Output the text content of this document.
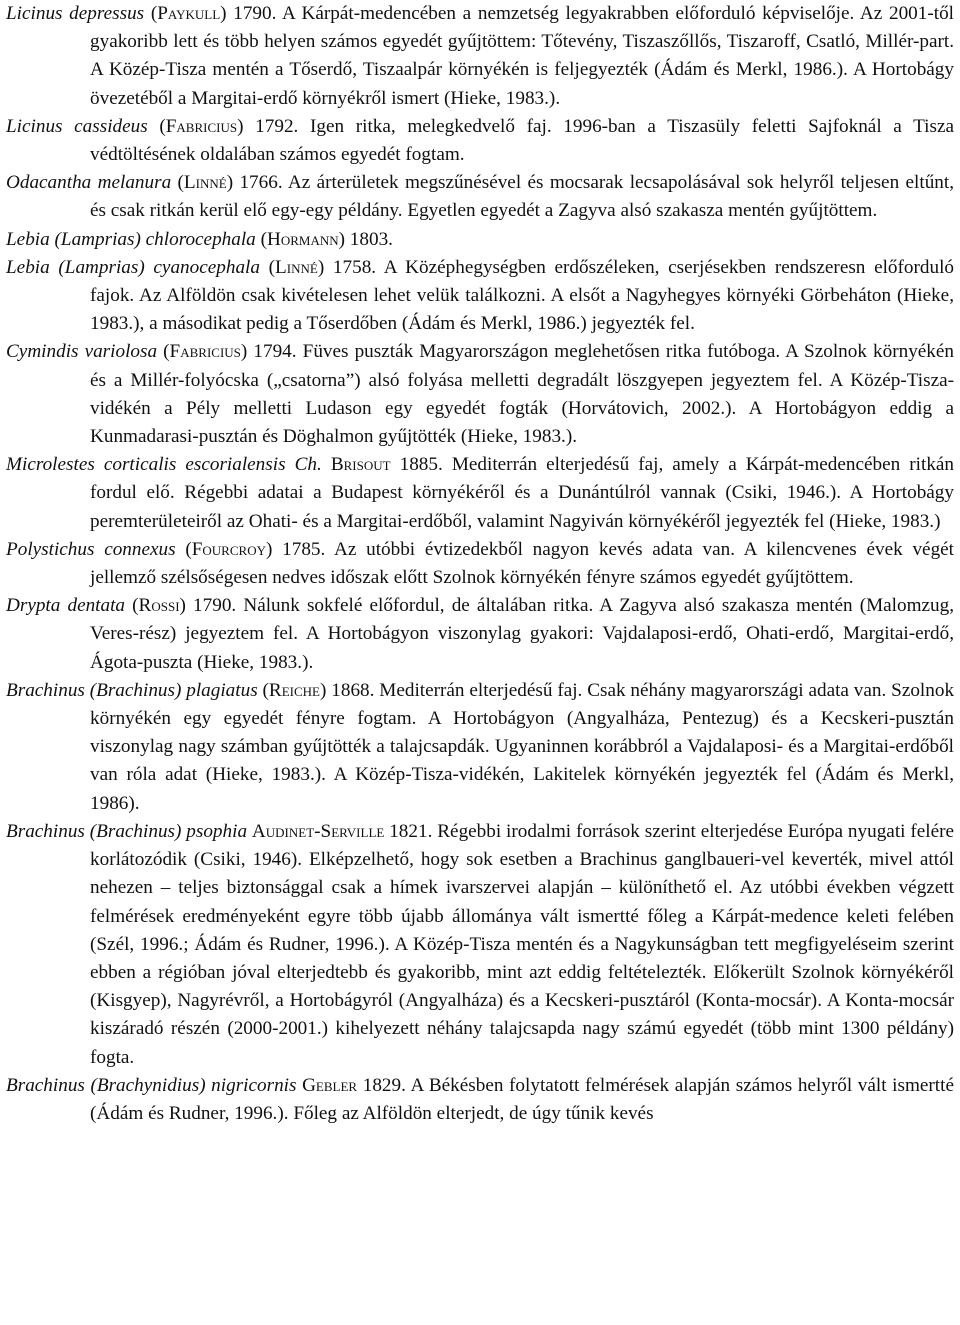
Licinus depressus (Paykull) 1790. A Kárpát-medencében a nemzetség legyakrabben előforduló képviselője. Az 2001-től gyakoribb lett és több helyen számos egyedét gyűjtöttem: Tőtevény, Tiszaszőllős, Tiszaroff, Csatló, Millér-part. A Közép-Tisza mentén a Tőserdő, Tiszaalpár környékén is feljegyezték (Ádám és Merkl, 1986.). A Hortobágy övezetéből a Margitai-erdő környékről ismert (Hieke, 1983.).

Licinus cassideus (Fabricius) 1792. Igen ritka, melegkedvelő faj. 1996-ban a Tiszasüly feletti Sajfoknál a Tisza védtöltésének oldalában számos egyedét fogtam.

Odacantha melanura (Linné) 1766. Az árterületek megszűnésével és mocsarak lecsapolásával sok helyről teljesen eltűnt, és csak ritkán kerül elő egy-egy példány. Egyetlen egyedét a Zagyva alsó szakasza mentén gyűjtöttem.

Lebia (Lamprias) chlorocephala (Hormann) 1803.

Lebia (Lamprias) cyanocephala (Linné) 1758. A Középhegységben erdőszéleken, cserjésekben rendszeresn előforduló fajok. Az Alföldön csak kivételesen lehet velük találkozni. A elsőt a Nagyhegyes környéki Görbeháton (Hieke, 1983.), a másodikat pedig a Tőserdőben (Ádám és Merkl, 1986.) jegyezték fel.

Cymindis variolosa (Fabricius) 1794. Füves puszták Magyarországon meglehetősen ritka futóboga. A Szolnok környékén és a Millér-folyócska („csatorna”) alsó folyása melletti degradált löszgyepen jegyeztem fel. A Közép-Tisza-vidékén a Pély melletti Ludason egy egyedét fogták (Horvátovich, 2002.). A Hortobágyon eddig a Kunmadarasi-pusztán és Döghalmon gyűjtötték (Hieke, 1983.).

Microlestes corticalis escorialensis Ch. Brisout 1885. Mediterrán elterjedésű faj, amely a Kárpát-medencében ritkán fordul elő. Régebbi adatai a Budapest környékéről és a Dunántúlról vannak (Csiki, 1946.). A Hortobágy peremterületeiről az Ohati- és a Margitai-erdőből, valamint Nagyiván környékéről jegyezték fel (Hieke, 1983.)

Polystichus connexus (Fourcroy) 1785. Az utóbbi évtizedekből nagyon kevés adata van. A kilencvenes évek végét jellemző szélsőségesen nedves időszak előtt Szolnok környékén fényre számos egyedét gyűjtöttem.

Drypta dentata (Rossi) 1790. Nálunk sokfelé előfordul, de általában ritka. A Zagyva alsó szakasza mentén (Malomzug, Veres-rész) jegyeztem fel. A Hortobágyon viszonylag gyakori: Vajdalaposi-erdő, Ohati-erdő, Margitai-erdő, Ágota-puszta (Hieke, 1983.).

Brachinus (Brachinus) plagiatus (Reiche) 1868. Mediterrán elterjedésű faj. Csak néhány magyarországi adata van. Szolnok környékén egy egyedét fényre fogtam. A Hortobágyon (Angyalháza, Pentezug) és a Kecskeri-pusztán viszonylag nagy számban gyűjtötték a talajcsapdák. Ugyaninnen korábbról a Vajdalaposi- és a Margitai-erdőből van róla adat (Hieke, 1983.). A Közép-Tisza-vidékén, Lakitelek környékén jegyezték fel (Ádám és Merkl, 1986).

Brachinus (Brachinus) psophia Audinet-Serville 1821. Régebbi irodalmi források szerint elterjedése Európa nyugati felére korlátozódik (Csiki, 1946). Elképzelhető, hogy sok esetben a Brachinus ganglbaueri-vel keverték, mivel attól nehezen – teljes biztonsággal csak a hímek ivarszervei alapján – különíthető el. Az utóbbi években végzett felmérések eredményeként egyre több újabb állománya vált ismertté főleg a Kárpát-medence keleti felében (Szél, 1996.; Ádám és Rudner, 1996.). A Közép-Tisza mentén és a Nagykunságban tett megfigyeléseim szerint ebben a régióban jóval elterjedtebb és gyakoribb, mint azt eddig feltételezték. Előkerült Szolnok környékéről (Kisgyep), Nagyrévről, a Hortobágyról (Angyalháza) és a Kecskeri-pusztáról (Konta-mocsár). A Konta-mocsár kiszáradó részén (2000-2001.) kihelyezett néhány talajcsapda nagy számú egyedét (több mint 1300 példány) fogta.

Brachinus (Brachynidius) nigricornis Gebler 1829. A Békésben folytatott felmérések alapján számos helyről vált ismertté (Ádám és Rudner, 1996.). Főleg az Alföldön elterjedt, de úgy tűnik kevés
